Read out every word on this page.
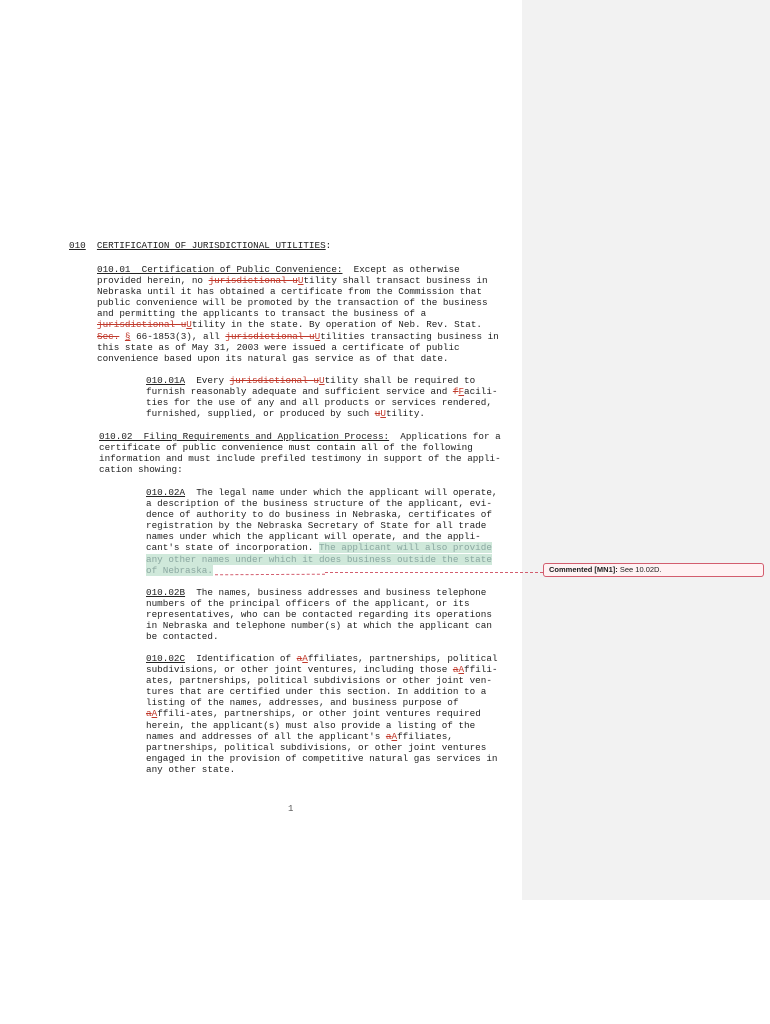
010 CERTIFICATION OF JURISDICTIONAL UTILITIES:
010.01  Certification of Public Convenience:  Except as otherwise
provided herein, no jurisdictional uUtility shall transact business in
Nebraska until it has obtained a certificate from the Commission that
public convenience will be promoted by the transaction of the business
and permitting the applicants to transact the business of a
jurisdictional uUtility in the state. By operation of Neb. Rev. Stat.
Sec. § 66-1853(3), all jurisdictional uUtilities transacting business in
this state as of May 31, 2003 were issued a certificate of public
convenience based upon its natural gas service as of that date.
010.01A  Every jurisdictional uUtility shall be required to
furnish reasonably adequate and sufficient service and fFacili-
ties for the use of any and all products or services rendered,
furnished, supplied, or produced by such uUtility.
010.02  Filing Requirements and Application Process:  Applications for a
certificate of public convenience must contain all of the following
information and must include prefiled testimony in support of the appli-
cation showing:
010.02A  The legal name under which the applicant will operate,
a description of the business structure of the applicant, evi-
dence of authority to do business in Nebraska, certificates of
registration by the Nebraska Secretary of State for all trade
names under which the applicant will operate, and the appli-
cant's state of incorporation. The applicant will also provide
any other names under which it does business outside the state
of Nebraska.
010.02B  The names, business addresses and business telephone
numbers of the principal officers of the applicant, or its
representatives, who can be contacted regarding its operations
in Nebraska and telephone number(s) at which the applicant can
be contacted.
010.02C  Identification of aAffiliates, partnerships, political
subdivisions, or other joint ventures, including those aAffili-
ates, partnerships, political subdivisions or other joint ven-
tures that are certified under this section. In addition to a
listing of the names, addresses, and business purpose of
aAffili-ates, partnerships, or other joint ventures required
herein, the applicant(s) must also provide a listing of the
names and addresses of all the applicant's aAffiliates,
partnerships, political subdivisions, or other joint ventures
engaged in the provision of competitive natural gas services in
any other state.
1
Commented [MN1]: See 10.02D.
